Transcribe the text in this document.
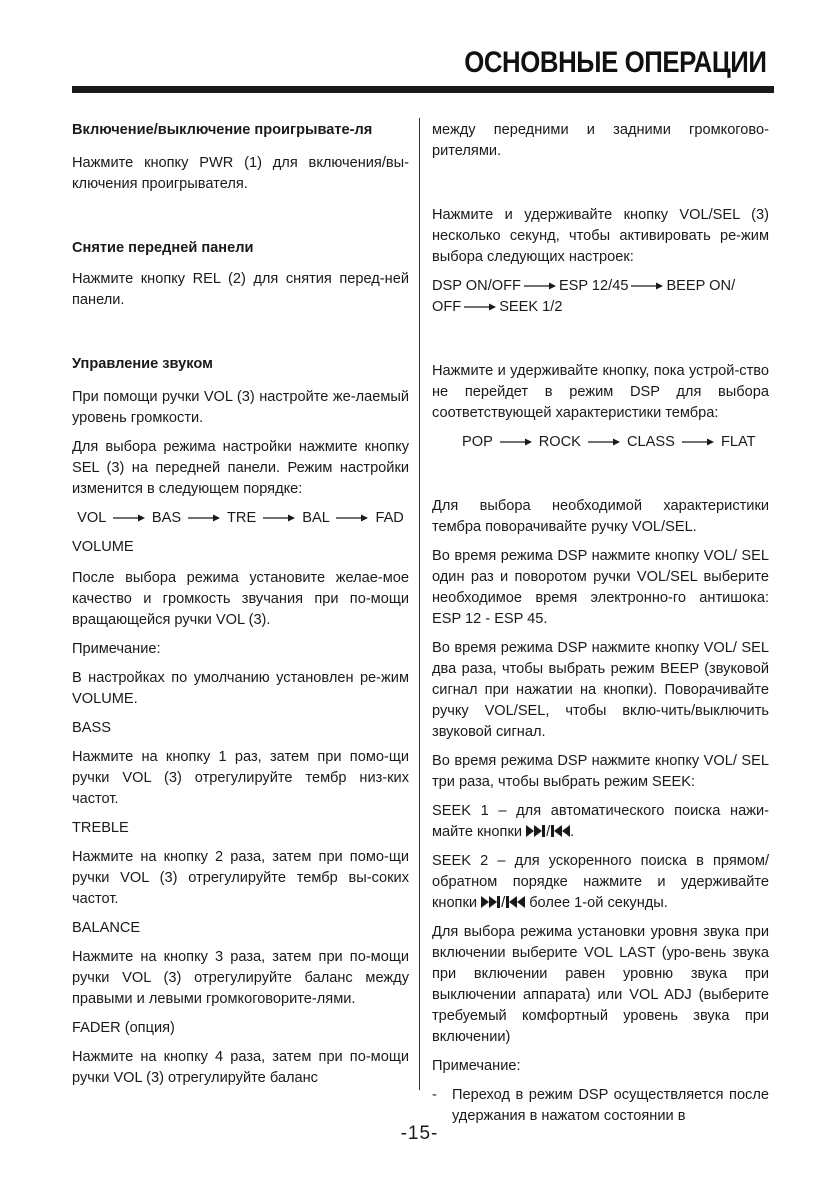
ОСНОВНЫЕ ОПЕРАЦИИ

Включение/выключение проигрывате-ля

Нажмите кнопку PWR (1) для включения/вы-ключения проигрывателя.

Снятие передней панели

Нажмите кнопку REL (2) для снятия перед-ней панели.

Управление звуком

При помощи ручки VOL (3) настройте же-лаемый уровень громкости.

Для выбора режима настройки нажмите кнопку SEL (3) на передней панели. Режим настройки изменится в следующем порядке:

VOL	BAS	TRE	BAL	FAD

VOLUME

После выбора режима установите желае-мое качество и громкость звучания при по-мощи вращающейся ручки VOL (3).

Примечание:

В настройках по умолчанию установлен ре-жим VOLUME.

BASS

Нажмите на кнопку 1 раз, затем при помо-щи ручки VOL (3) отрегулируйте тембр низ-ких частот.

TREBLE

Нажмите на кнопку 2 раза, затем при помо-щи ручки VOL (3) отрегулируйте тембр вы-соких частот.

BALANCE

Нажмите на кнопку 3 раза, затем при по-мощи ручки VOL (3) отрегулируйте баланс между правыми и левыми громкоговорите-лями.

FADER (опция)

Нажмите на кнопку 4 раза, затем при по-мощи ручки VOL (3) отрегулируйте баланс

между передними и задними громкогово-рителями.

Нажмите и удерживайте кнопку VOL/SEL (3) несколько секунд, чтобы активировать ре-жим выбора следующих настроек:

DSP ON/OFF	ESP 12/45	BEEP ON/
OFF	SEEK 1/2

Нажмите и удерживайте кнопку, пока устрой-ство не перейдет в режим DSP для выбора соответствующей характеристики тембра:

POP	ROCK	CLASS	FLAT

Для выбора необходимой характеристики тембра поворачивайте ручку VOL/SEL.

Во время режима DSP нажмите кнопку VOL/ SEL один раз и поворотом ручки VOL/SEL выберите необходимое время электронно-го антишока: ESP 12 - ESP 45.

Во время режима DSP нажмите кнопку VOL/ SEL два раза, чтобы выбрать режим BEEP (звуковой сигнал при нажатии на кнопки). Поворачивайте ручку VOL/SEL, чтобы вклю-чить/выключить звуковой сигнал.

Во время режима DSP нажмите кнопку VOL/ SEL три раза, чтобы выбрать режим SEEK:

SEEK 1 – для автоматического поиска нажи-майте кнопки / .

SEEK 2 – для ускоренного поиска в прямом/ обратном порядке нажмите и удерживайте кнопки / более 1-ой секунды.

Для выбора режима установки уровня звука при включении выберите VOL LAST (уро-вень звука при включении равен уровню звука при выключении аппарата) или VOL ADJ (выберите требуемый комфортный уровень звука при включении)

Примечание:

-	Переход в режим DSP осуществляется после удержания в нажатом состоянии в
-15-
